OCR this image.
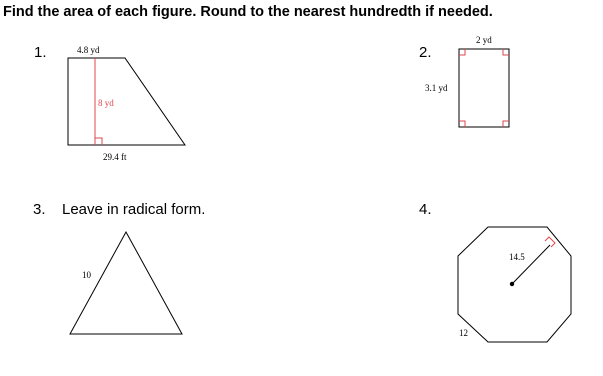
Find the area of each figure. Round to the nearest hundredth if needed.
1.	2.
3. Leave in radical form.	4.
4.8 yd
8 yd
29.4 ft
2 yd
3.1 yd
10
14.5
12
